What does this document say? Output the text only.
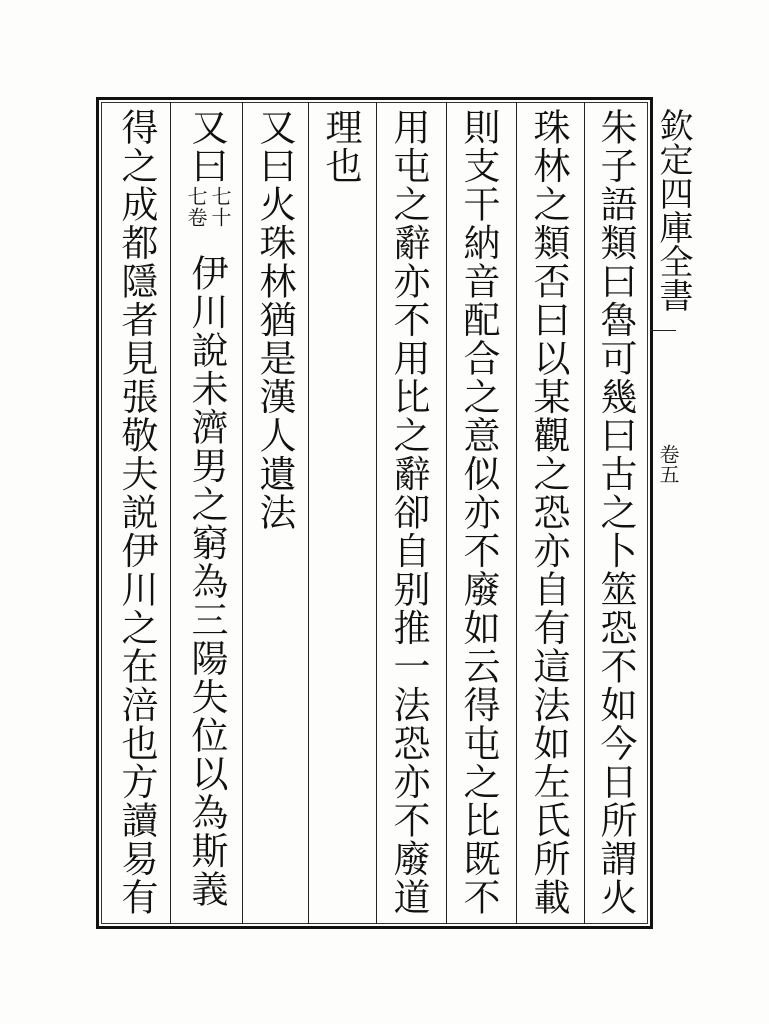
朱子語類曰魯可幾曰古之卜筮恐不如今日所謂火
珠林之類否曰以某觀之恐亦自有這法如左氏所載
則支干納音配合之意似亦不廢如云得屯之比既不
用屯之辭亦不用比之辭卻自别推一法恐亦不廢道
理也
又曰火珠林猶是漢人遺法
又曰
七十
七卷
伊川說未濟男之窮為三陽失位以為斯義
得之成都隱者見張敬夫説伊川之在涪也方讀易有	欽定四庫全書
卷五
